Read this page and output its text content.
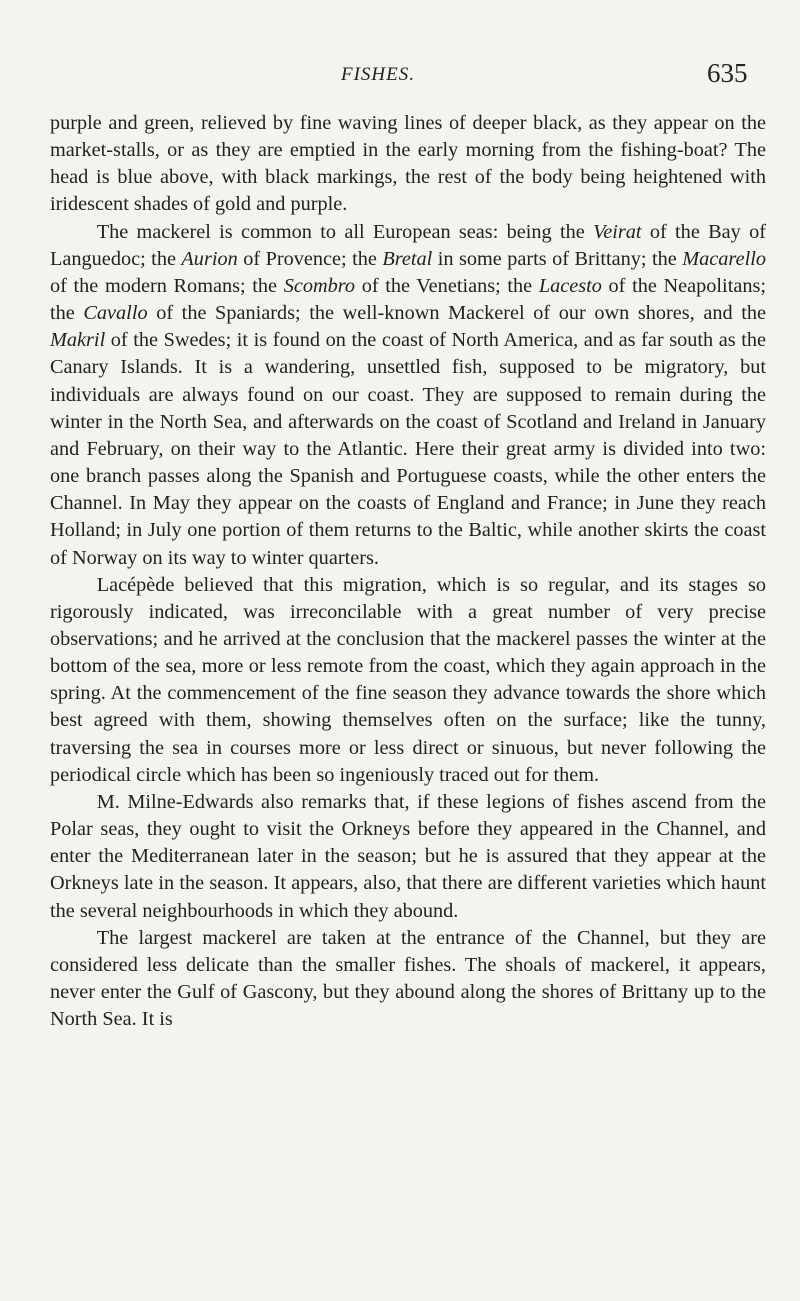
FISHES.	635

purple and green, relieved by fine waving lines of deeper black, as they appear on the market-stalls, or as they are emptied in the early morning from the fishing-boat? The head is blue above, with black markings, the rest of the body being heightened with iridescent shades of gold and purple.

The mackerel is common to all European seas: being the Veirat of the Bay of Languedoc; the Aurion of Provence; the Bretal in some parts of Brittany; the Macarello of the modern Romans; the Scombro of the Venetians; the Lacesto of the Neapolitans; the Cavallo of the Spaniards; the well-known Mackerel of our own shores, and the Makril of the Swedes; it is found on the coast of North America, and as far south as the Canary Islands. It is a wandering, unsettled fish, supposed to be migratory, but individuals are always found on our coast. They are supposed to remain during the winter in the North Sea, and afterwards on the coast of Scotland and Ireland in January and February, on their way to the Atlantic. Here their great army is divided into two: one branch passes along the Spanish and Portuguese coasts, while the other enters the Channel. In May they appear on the coasts of England and France; in June they reach Holland; in July one portion of them returns to the Baltic, while another skirts the coast of Norway on its way to winter quarters.

Lacépède believed that this migration, which is so regular, and its stages so rigorously indicated, was irreconcilable with a great number of very precise observations; and he arrived at the conclusion that the mackerel passes the winter at the bottom of the sea, more or less remote from the coast, which they again approach in the spring. At the commencement of the fine season they advance towards the shore which best agreed with them, showing themselves often on the surface; like the tunny, traversing the sea in courses more or less direct or sinuous, but never following the periodical circle which has been so ingeniously traced out for them.

M. Milne-Edwards also remarks that, if these legions of fishes ascend from the Polar seas, they ought to visit the Orkneys before they appeared in the Channel, and enter the Mediterranean later in the season; but he is assured that they appear at the Orkneys late in the season. It appears, also, that there are different varieties which haunt the several neighbourhoods in which they abound.

The largest mackerel are taken at the entrance of the Channel, but they are considered less delicate than the smaller fishes. The shoals of mackerel, it appears, never enter the Gulf of Gascony, but they abound along the shores of Brittany up to the North Sea. It is
